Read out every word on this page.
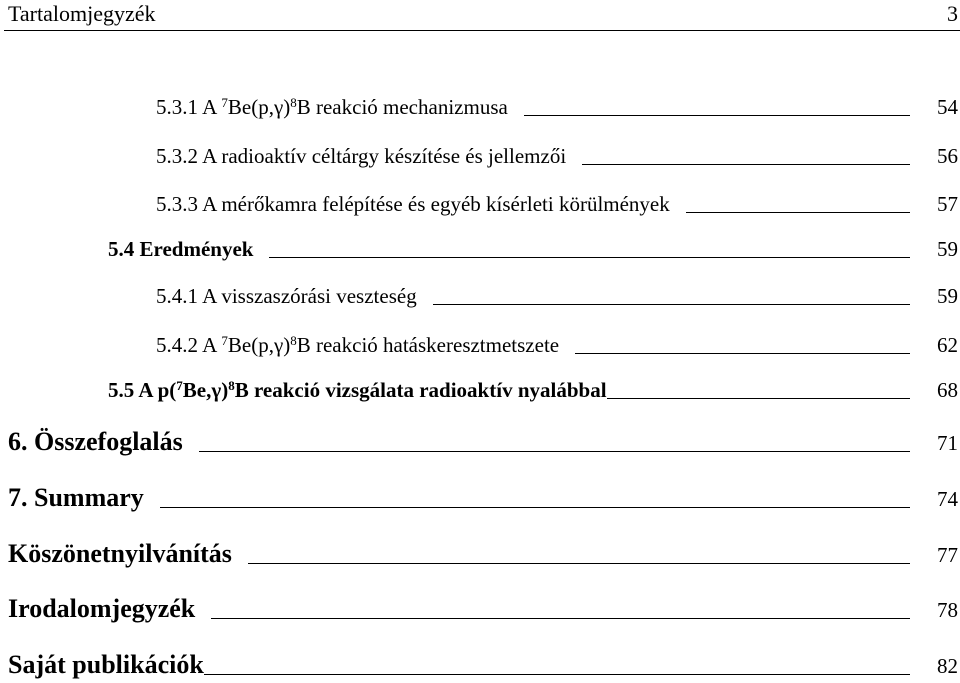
Tartalomjegyzék	3
5.3.1 A $^7Be(p,\gamma)^8B$ reakció mechanizmusa	54
5.3.2 A radioaktív céltárgy készítése és jellemzői	56
5.3.3 A mérőkamra felépítése és egyéb kísérleti körülmények	57
5.4 Eredmények	59
5.4.1 A visszaszórási veszteség	59
5.4.2 A $^7Be(p,\gamma)^8B$ reakció hatáskeresztmetszete	62
5.5 A $p(^7Be,\gamma)^8B$ reakció vizsgálata radioaktív nyalábbal	68
6. Összefoglalás	71
7. Summary	74
Köszönetnyilvánítás	77
Irodalomjegyzék	78
Saját publikációk	82
